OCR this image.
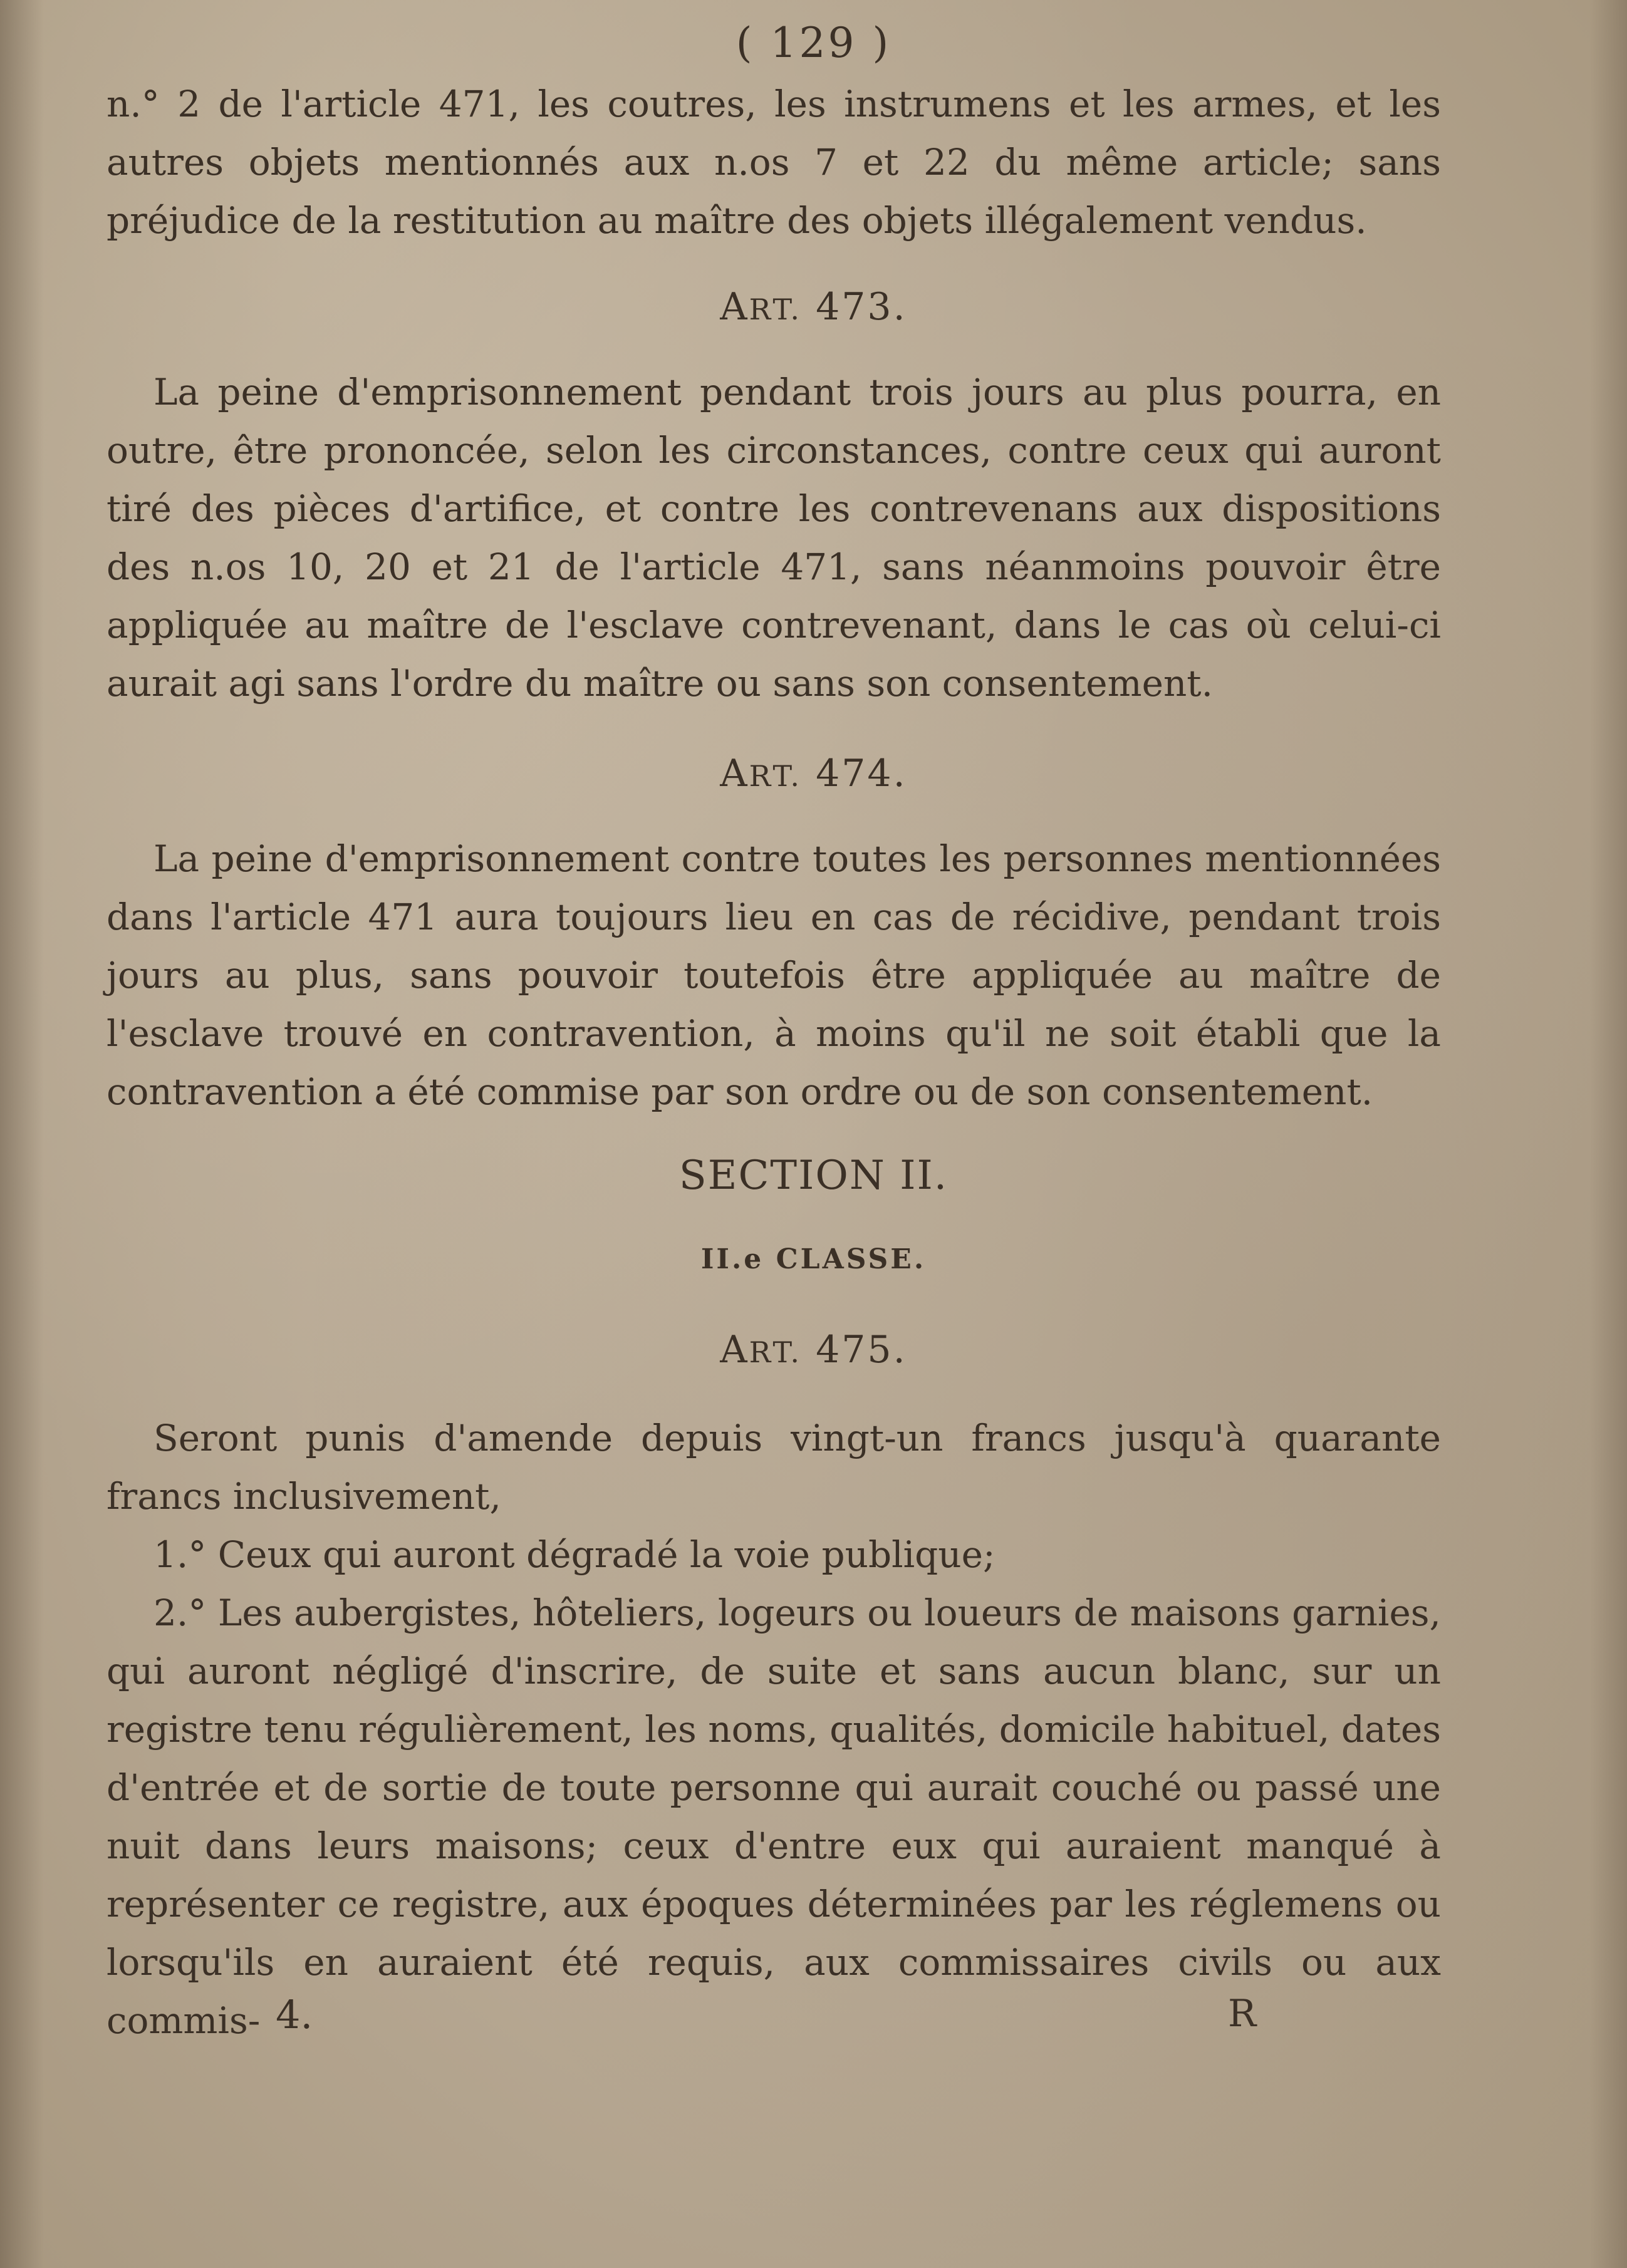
( 129 )

n.° 2 de l'article 471, les coutres, les instrumens et les armes, et les autres objets mentionnés aux n.os 7 et 22 du même article; sans préjudice de la restitution au maître des objets illégalement vendus.

ART. 473.

La peine d'emprisonnement pendant trois jours au plus pourra, en outre, être prononcée, selon les circonstances, contre ceux qui auront tiré des pièces d'artifice, et contre les contrevenans aux dispositions des n.os 10, 20 et 21 de l'article 471, sans néanmoins pouvoir être appliquée au maître de l'esclave contrevenant, dans le cas où celui-ci aurait agi sans l'ordre du maître ou sans son consentement.

ART. 474.

La peine d'emprisonnement contre toutes les personnes mentionnées dans l'article 471 aura toujours lieu en cas de récidive, pendant trois jours au plus, sans pouvoir toutefois être appliquée au maître de l'esclave trouvé en contravention, à moins qu'il ne soit établi que la contravention a été commise par son ordre ou de son consentement.

SECTION II.
II.e CLASSE.
ART. 475.

Seront punis d'amende depuis vingt-un francs jusqu'à quarante francs inclusivement,

1.° Ceux qui auront dégradé la voie publique;

2.° Les aubergistes, hôteliers, logeurs ou loueurs de maisons garnies, qui auront négligé d'inscrire, de suite et sans aucun blanc, sur un registre tenu régulièrement, les noms, qualités, domicile habituel, dates d'entrée et de sortie de toute personne qui aurait couché ou passé une nuit dans leurs maisons; ceux d'entre eux qui auraient manqué à représenter ce registre, aux époques déterminées par les réglemens ou lorsqu'ils en auraient été requis, aux commissaires civils ou aux commis- 4.	R
